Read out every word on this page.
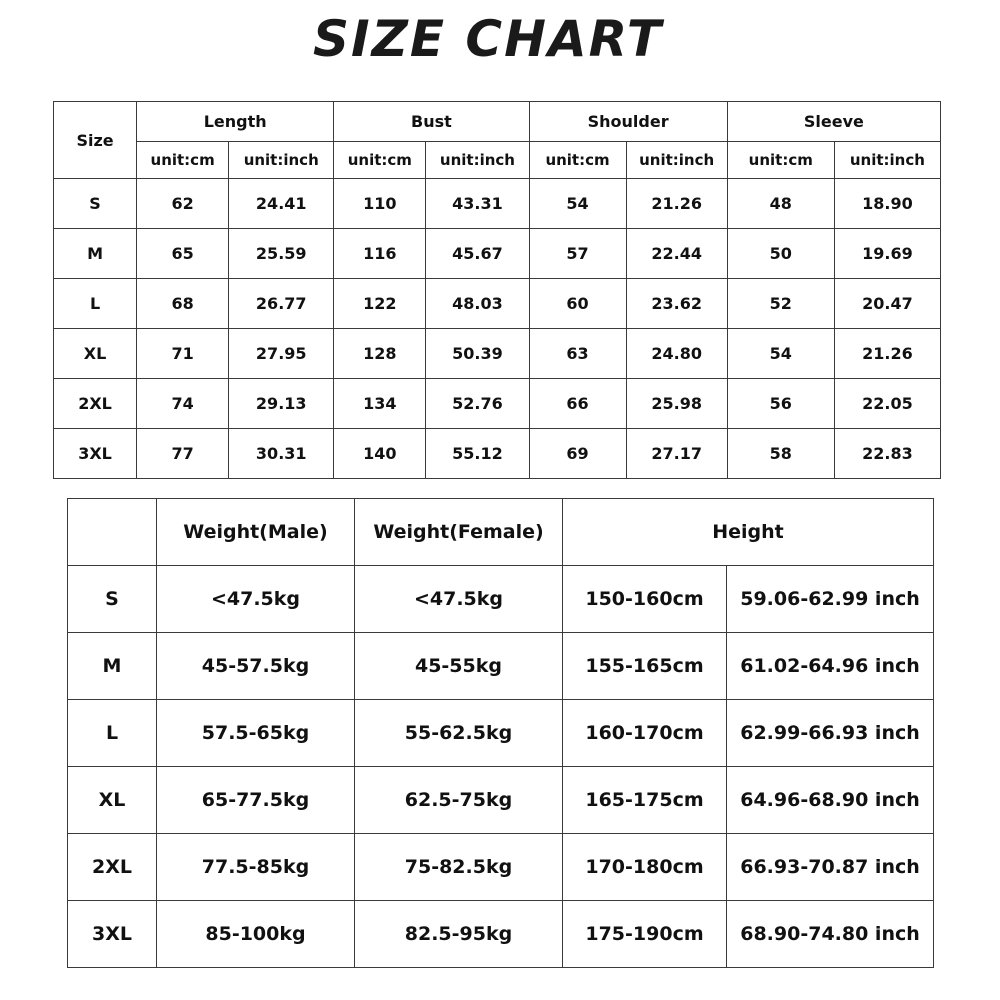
SIZE CHART
Size	Length		Bust		Shoulder		Sleeve	
	unit:cm	unit:inch	unit:cm	unit:inch	unit:cm	unit:inch	unit:cm	unit:inch
S	62	24.41	110	43.31	54	21.26	48	18.90
M	65	25.59	116	45.67	57	22.44	50	19.69
L	68	26.77	122	48.03	60	23.62	52	20.47
XL	71	27.95	128	50.39	63	24.80	54	21.26
2XL	74	29.13	134	52.76	66	25.98	56	22.05
3XL	77	30.31	140	55.12	69	27.17	58	22.83
	Weight(Male)	Weight(Female)	Height	
S	<47.5kg	<47.5kg	150-160cm	59.06-62.99 inch
M	45-57.5kg	45-55kg	155-165cm	61.02-64.96 inch
L	57.5-65kg	55-62.5kg	160-170cm	62.99-66.93 inch
XL	65-77.5kg	62.5-75kg	165-175cm	64.96-68.90 inch
2XL	77.5-85kg	75-82.5kg	170-180cm	66.93-70.87 inch
3XL	85-100kg	82.5-95kg	175-190cm	68.90-74.80 inch
